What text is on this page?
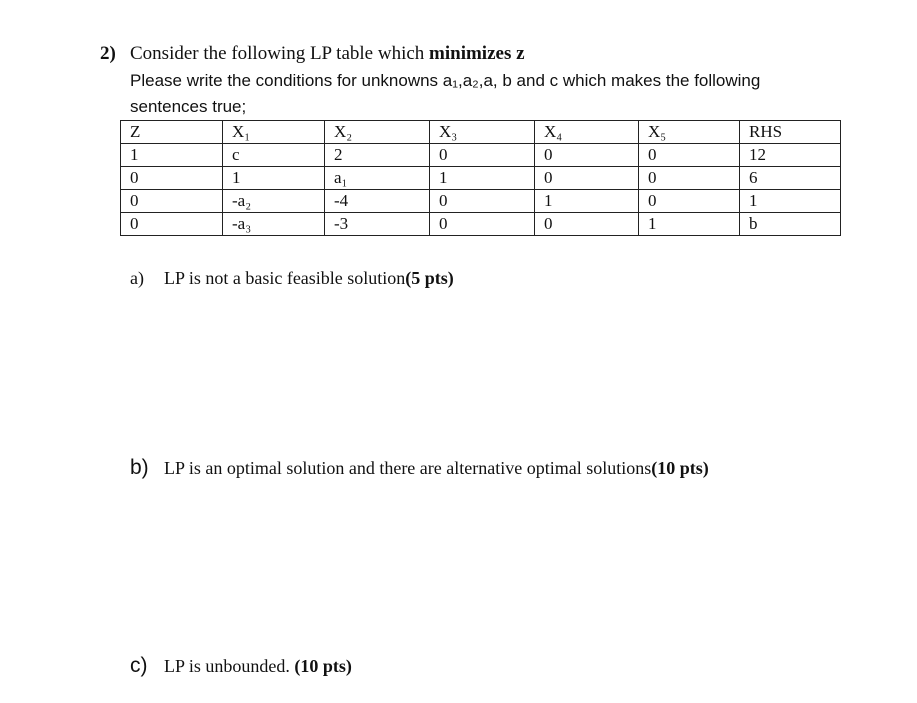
2) Consider the following LP table which minimizes z
Please write the conditions for unknowns a₁,a₂,a, b and c which makes the following
sentences true;
Z	X₁	X₂	X₃	X₄	X₅	RHS
1	c	2	0	0	0	12
0	1	a₁	1	0	0	6
0	-a₂	-4	0	1	0	1
0	-a₃	-3	0	0	1	b
a) LP is not a basic feasible solution(5 pts)
b) LP is an optimal solution and there are alternative optimal solutions(10 pts)
c) LP is unbounded. (10 pts)
